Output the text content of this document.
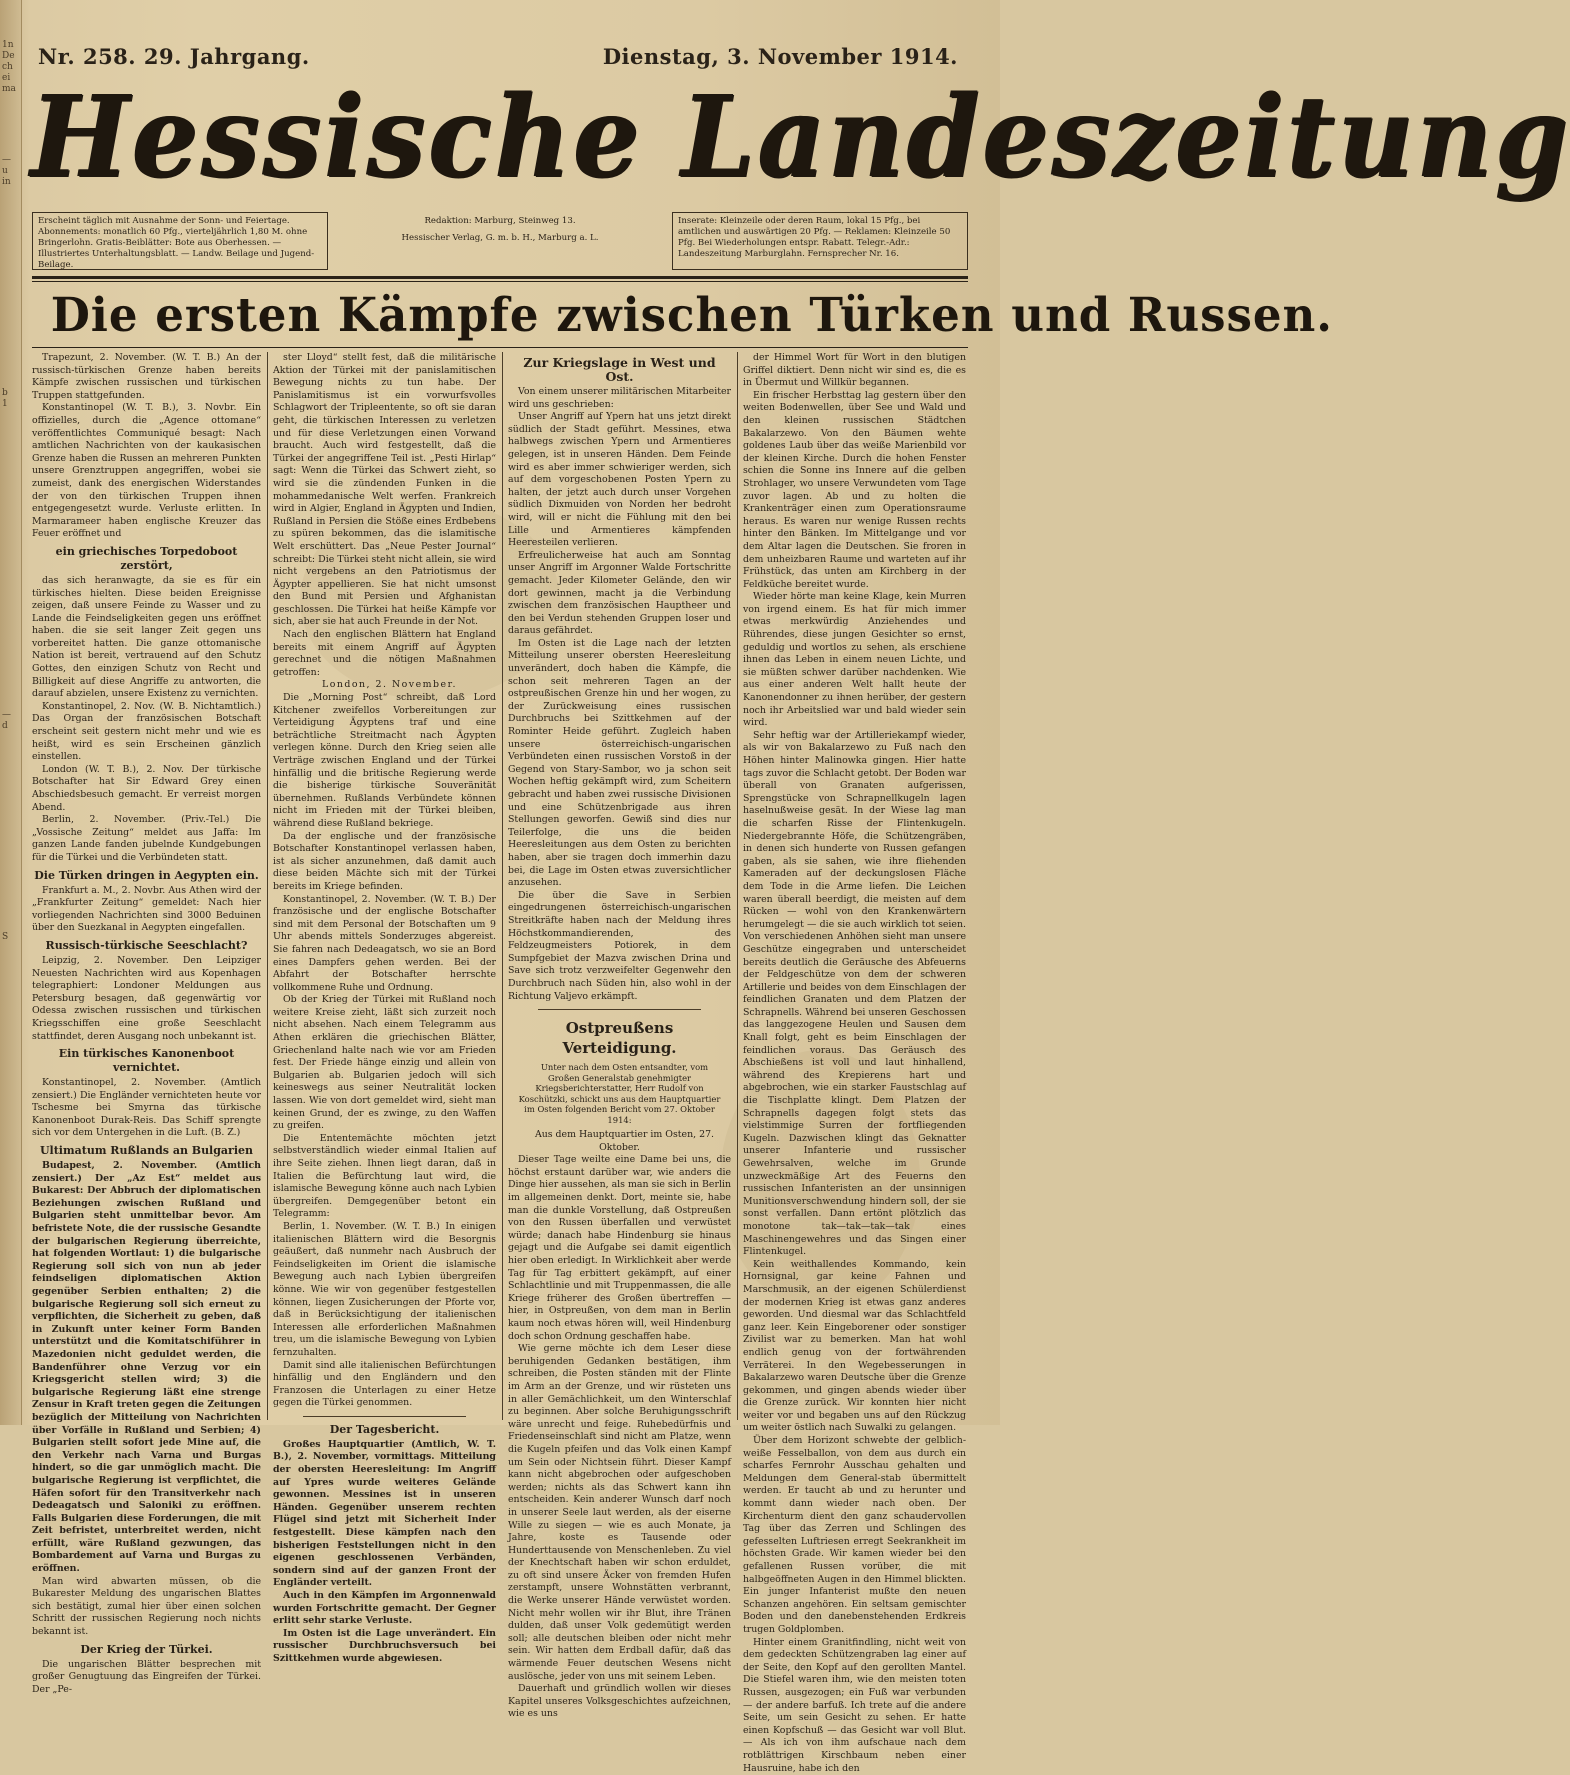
1n
De
ch
ei
ma
—
u
in
b
1
—
d
S
Nr. 258. 29. Jahrgang.	Dienstag, 3. November 1914.
Hessische Landeszeitung
Erscheint täglich mit Ausnahme der Sonn- und Feiertage. Abonnements: monatlich 60 Pfg., vierteljährlich 1,80 M. ohne Bringerlohn. Gratis-Beiblätter: Bote aus Oberhessen. — Illustriertes Unterhaltungsblatt. — Landw. Beilage und Jugend-Beilage.
Redaktion: Marburg, Steinweg 13.
Hessischer Verlag, G. m. b. H., Marburg a. L.
Inserate: Kleinzeile oder deren Raum, lokal 15 Pfg., bei amtlichen und auswärtigen 20 Pfg. — Reklamen: Kleinzeile 50 Pfg. Bei Wiederholungen entspr. Rabatt. Telegr.-Adr.: Landeszeitung Marburglahn. Fernsprecher Nr. 16.
Die ersten Kämpfe zwischen Türken und Russen.

Trapezunt, 2. November. (W. T. B.) An der russisch-türkischen Grenze haben bereits Kämpfe zwischen russischen und türkischen Truppen stattgefunden.

Konstantinopel (W. T. B.), 3. Novbr. Ein offizielles, durch die „Agence ottomane“ veröffentlichtes Communiqué besagt: Nach amtlichen Nachrichten von der kaukasischen Grenze haben die Russen an mehreren Punkten unsere Grenztruppen angegriffen, wobei sie zumeist, dank des energischen Widerstandes der von den türkischen Truppen ihnen entgegengesetzt wurde. Verluste erlitten. In Marmarameer haben englische Kreuzer das Feuer eröffnet und

ein griechisches Torpedoboot zerstört,

das sich heranwagte, da sie es für ein türkisches hielten. Diese beiden Ereignisse zeigen, daß unsere Feinde zu Wasser und zu Lande die Feindseligkeiten gegen uns eröffnet haben. die sie seit langer Zeit gegen uns vorbereitet hatten. Die ganze ottomanische Nation ist bereit, vertrauend auf den Schutz Gottes, den einzigen Schutz von Recht und Billigkeit auf diese Angriffe zu antworten, die darauf abzielen, unsere Existenz zu vernichten.

Konstantinopel, 2. Nov. (W. B. Nichtamtlich.) Das Organ der französischen Botschaft erscheint seit gestern nicht mehr und wie es heißt, wird es sein Erscheinen gänzlich einstellen.

London (W. T. B.), 2. Nov. Der türkische Botschafter hat Sir Edward Grey einen Abschiedsbesuch gemacht. Er verreist morgen Abend.

Berlin, 2. November. (Priv.-Tel.) Die „Vossische Zeitung“ meldet aus Jaffa: Im ganzen Lande fanden jubelnde Kundgebungen für die Türkei und die Verbündeten statt.

Die Türken dringen in Aegypten ein.

Frankfurt a. M., 2. Novbr. Aus Athen wird der „Frankfurter Zeitung“ gemeldet: Nach hier vorliegenden Nachrichten sind 3000 Beduinen über den Suezkanal in Aegypten eingefallen.

Russisch-türkische Seeschlacht?

Leipzig, 2. November. Den Leipziger Neuesten Nachrichten wird aus Kopenhagen telegraphiert: Londoner Meldungen aus Petersburg besagen, daß gegenwärtig vor Odessa zwischen russischen und türkischen Kriegsschiffen eine große Seeschlacht stattfindet, deren Ausgang noch unbekannt ist.

Ein türkisches Kanonenboot vernichtet.

Konstantinopel, 2. November. (Amtlich zensiert.) Die Engländer vernichteten heute vor Tschesme bei Smyrna das türkische Kanonenboot Durak-Reis. Das Schiff sprengte sich vor dem Untergehen in die Luft. (B. Z.)

Ultimatum Rußlands an Bulgarien

Budapest, 2. November. (Amtlich zensiert.) Der „Az Est“ meldet aus Bukarest: Der Abbruch der diplomatischen Beziehungen zwischen Rußland und Bulgarien steht unmittelbar bevor. Am befristete Note, die der russische Gesandte der bulgarischen Regierung überreichte, hat folgenden Wortlaut: 1) die bulgarische Regierung soll sich von nun ab jeder feindseligen diplomatischen Aktion gegenüber Serbien enthalten; 2) die bulgarische Regierung soll sich erneut zu verpflichten, die Sicherheit zu geben, daß in Zukunft unter keiner Form Banden unterstützt und die Komitatschiführer in Mazedonien nicht geduldet werden, die Bandenführer ohne Verzug vor ein Kriegsgericht stellen wird; 3) die bulgarische Regierung läßt eine strenge Zensur in Kraft treten gegen die Zeitungen bezüglich der Mitteilung von Nachrichten über Vorfälle in Rußland und Serbien; 4) Bulgarien stellt sofort jede Mine auf, die den Verkehr nach Varna und Burgas hindert, so die gar unmöglich macht. Die bulgarische Regierung ist verpflichtet, die Häfen sofort für den Transitverkehr nach Dedeagatsch und Saloniki zu eröffnen. Falls Bulgarien diese Forderungen, die mit Zeit befristet, unterbreitet werden, nicht erfüllt, wäre Rußland gezwungen, das Bombardement auf Varna und Burgas zu eröffnen.

Man wird abwarten müssen, ob die Bukarester Meldung des ungarischen Blattes sich bestätigt, zumal hier über einen solchen Schritt der russischen Regierung noch nichts bekannt ist.

Der Krieg der Türkei.

Die ungarischen Blätter besprechen mit großer Genugtuung das Eingreifen der Türkei. Der „Pe-

ster Lloyd“ stellt fest, daß die militärische Aktion der Türkei mit der panislamitischen Bewegung nichts zu tun habe. Der Panislamitismus ist ein vorwurfsvolles Schlagwort der Tripleentente, so oft sie daran geht, die türkischen Interessen zu verletzen und für diese Verletzungen einen Vorwand braucht. Auch wird festgestellt, daß die Türkei der angegriffene Teil ist. „Pesti Hirlap“ sagt: Wenn die Türkei das Schwert zieht, so wird sie die zündenden Funken in die mohammedanische Welt werfen. Frankreich wird in Algier, England in Ägypten und Indien, Rußland in Persien die Stöße eines Erdbebens zu spüren bekommen, das die islamitische Welt erschüttert. Das „Neue Pester Journal“ schreibt: Die Türkei steht nicht allein, sie wird nicht vergebens an den Patriotismus der Ägypter appellieren. Sie hat nicht umsonst den Bund mit Persien und Afghanistan geschlossen. Die Türkei hat heiße Kämpfe vor sich, aber sie hat auch Freunde in der Not.

Nach den englischen Blättern hat England bereits mit einem Angriff auf Ägypten gerechnet und die nötigen Maßnahmen getroffen:

London, 2. November.

Die „Morning Post“ schreibt, daß Lord Kitchener zweifellos Vorbereitungen zur Verteidigung Ägyptens traf und eine beträchtliche Streitmacht nach Ägypten verlegen könne. Durch den Krieg seien alle Verträge zwischen England und der Türkei hinfällig und die britische Regierung werde die bisherige türkische Souveränität übernehmen. Rußlands Verbündete können nicht im Frieden mit der Türkei bleiben, während diese Rußland bekriege.

Da der englische und der französische Botschafter Konstantinopel verlassen haben, ist als sicher anzunehmen, daß damit auch diese beiden Mächte sich mit der Türkei bereits im Kriege befinden.

Konstantinopel, 2. November. (W. T. B.) Der französische und der englische Botschafter sind mit dem Personal der Botschaften um 9 Uhr abends mittels Sonderzuges abgereist. Sie fahren nach Dedeagatsch, wo sie an Bord eines Dampfers gehen werden. Bei der Abfahrt der Botschafter herrschte vollkommene Ruhe und Ordnung.

Ob der Krieg der Türkei mit Rußland noch weitere Kreise zieht, läßt sich zurzeit noch nicht absehen. Nach einem Telegramm aus Athen erklären die griechischen Blätter, Griechenland halte nach wie vor am Frieden fest. Der Friede hänge einzig und allein von Bulgarien ab. Bulgarien jedoch will sich keineswegs aus seiner Neutralität locken lassen. Wie von dort gemeldet wird, sieht man keinen Grund, der es zwinge, zu den Waffen zu greifen.

Die Ententemächte möchten jetzt selbstverständlich wieder einmal Italien auf ihre Seite ziehen. Ihnen liegt daran, daß in Italien die Befürchtung laut wird, die islamische Bewegung könne auch nach Lybien übergreifen. Demgegenüber betont ein Telegramm:

Berlin, 1. November. (W. T. B.) In einigen italienischen Blättern wird die Besorgnis geäußert, daß nunmehr nach Ausbruch der Feindseligkeiten im Orient die islamische Bewegung auch nach Lybien übergreifen könne. Wie wir von gegenüber festgestellen können, liegen Zusicherungen der Pforte vor, daß in Berücksichtigung der italienischen Interessen alle erforderlichen Maßnahmen treu, um die islamische Bewegung von Lybien fernzuhalten.

Damit sind alle italienischen Befürchtungen hinfällig und den Engländern und den Franzosen die Unterlagen zu einer Hetze gegen die Türkei genommen.

Der Tagesbericht.

Großes Hauptquartier (Amtlich, W. T. B.), 2. November, vormittags. Mitteilung der obersten Heeresleitung: Im Angriff auf Ypres wurde weiteres Gelände gewonnen. Messines ist in unseren Händen. Gegenüber unserem rechten Flügel sind jetzt mit Sicherheit Inder festgestellt. Diese kämpfen nach den bisherigen Feststellungen nicht in den eigenen geschlossenen Verbänden, sondern sind auf der ganzen Front der Engländer verteilt.

Auch in den Kämpfen im Argonnenwald wurden Fortschritte gemacht. Der Gegner erlitt sehr starke Verluste.

Im Osten ist die Lage unverändert. Ein russischer Durchbruchsversuch bei Szittkehmen wurde abgewiesen.

Zur Kriegslage in West und Ost.

Von einem unserer militärischen Mitarbeiter wird uns geschrieben:

Unser Angriff auf Ypern hat uns jetzt direkt südlich der Stadt geführt. Messines, etwa halbwegs zwischen Ypern und Armentieres gelegen, ist in unseren Händen. Dem Feinde wird es aber immer schwieriger werden, sich auf dem vorgeschobenen Posten Ypern zu halten, der jetzt auch durch unser Vorgehen südlich Dixmuiden von Norden her bedroht wird, will er nicht die Fühlung mit den bei Lille und Armentieres kämpfenden Heeresteilen verlieren.

Erfreulicherweise hat auch am Sonntag unser Angriff im Argonner Walde Fortschritte gemacht. Jeder Kilometer Gelände, den wir dort gewinnen, macht ja die Verbindung zwischen dem französischen Hauptheer und den bei Verdun stehenden Gruppen loser und daraus gefährdet.

Im Osten ist die Lage nach der letzten Mitteilung unserer obersten Heeresleitung unverändert, doch haben die Kämpfe, die schon seit mehreren Tagen an der ostpreußischen Grenze hin und her wogen, zu der Zurückweisung eines russischen Durchbruchs bei Szittkehmen auf der Rominter Heide geführt. Zugleich haben unsere österreichisch-ungarischen Verbündeten einen russischen Vorstoß in der Gegend von Stary-Sambor, wo ja schon seit Wochen heftig gekämpft wird, zum Scheitern gebracht und haben zwei russische Divisionen und eine Schützenbrigade aus ihren Stellungen geworfen. Gewiß sind dies nur Teilerfolge, die uns die beiden Heeresleitungen aus dem Osten zu berichten haben, aber sie tragen doch immerhin dazu bei, die Lage im Osten etwas zuversichtlicher anzusehen.

Die über die Save in Serbien eingedrungenen österreichisch-ungarischen Streitkräfte haben nach der Meldung ihres Höchstkommandierenden, des Feldzeugmeisters Potiorek, in dem Sumpfgebiet der Mazva zwischen Drina und Save sich trotz verzweifelter Gegenwehr den Durchbruch nach Süden hin, also wohl in der Richtung Valjevo erkämpft.

Ostpreußens Verteidigung.

Unter nach dem Osten entsandter, vom Großen Generalstab genehmigter Kriegsberichterstatter, Herr Rudolf von Koschützki, schickt uns aus dem Hauptquartier im Osten folgenden Bericht vom 27. Oktober 1914:

Aus dem Hauptquartier im Osten, 27. Oktober.

Dieser Tage weilte eine Dame bei uns, die höchst erstaunt darüber war, wie anders die Dinge hier aussehen, als man sie sich in Berlin im allgemeinen denkt. Dort, meinte sie, habe man die dunkle Vorstellung, daß Ostpreußen von den Russen überfallen und verwüstet würde; danach habe Hindenburg sie hinaus gejagt und die Aufgabe sei damit eigentlich hier oben erledigt. In Wirklichkeit aber werde Tag für Tag erbittert gekämpft, auf einer Schlachtlinie und mit Truppenmassen, die alle Kriege früherer des Großen übertreffen — hier, in Ostpreußen, von dem man in Berlin kaum noch etwas hören will, weil Hindenburg doch schon Ordnung geschaffen habe.

Wie gerne möchte ich dem Leser diese beruhigenden Gedanken bestätigen, ihm schreiben, die Posten ständen mit der Flinte im Arm an der Grenze, und wir rüsteten uns in aller Gemächlichkeit, um den Winterschlaf zu beginnen. Aber solche Beruhigungsschrift wäre unrecht und feige. Ruhebedürfnis und Friedenseinschlaft sind nicht am Platze, wenn die Kugeln pfeifen und das Volk einen Kampf um Sein oder Nichtsein führt. Dieser Kampf kann nicht abgebrochen oder aufgeschoben werden; nichts als das Schwert kann ihn entscheiden. Kein anderer Wunsch darf noch in unserer Seele laut werden, als der eiserne Wille zu siegen — wie es auch Monate, ja Jahre, koste es Tausende oder Hunderttausende von Menschenleben. Zu viel der Knechtschaft haben wir schon erduldet, zu oft sind unsere Äcker von fremden Hufen zerstampft, unsere Wohnstätten verbrannt, die Werke unserer Hände verwüstet worden. Nicht mehr wollen wir ihr Blut, ihre Tränen dulden, daß unser Volk gedemütigt werden soll; alle deutschen bleiben oder nicht mehr sein. Wir hatten dem Erdball dafür, daß das wärmende Feuer deutschen Wesens nicht auslösche, jeder von uns mit seinem Leben.

Dauerhaft und gründlich wollen wir dieses Kapitel unseres Volksgeschichtes aufzeichnen, wie es uns

der Himmel Wort für Wort in den blutigen Griffel diktiert. Denn nicht wir sind es, die es in Übermut und Willkür begannen.

Ein frischer Herbsttag lag gestern über den weiten Bodenwellen, über See und Wald und den kleinen russischen Städtchen Bakalarzewo. Von den Bäumen wehte goldenes Laub über das weiße Marienbild vor der kleinen Kirche. Durch die hohen Fenster schien die Sonne ins Innere auf die gelben Strohlager, wo unsere Verwundeten vom Tage zuvor lagen. Ab und zu holten die Krankenträger einen zum Operationsraume heraus. Es waren nur wenige Russen rechts hinter den Bänken. Im Mittelgange und vor dem Altar lagen die Deutschen. Sie froren in dem unheizbaren Raume und warteten auf ihr Frühstück, das unten am Kirchberg in der Feldküche bereitet wurde.

Wieder hörte man keine Klage, kein Murren von irgend einem. Es hat für mich immer etwas merkwürdig Anziehendes und Rührendes, diese jungen Gesichter so ernst, geduldig und wortlos zu sehen, als erschiene ihnen das Leben in einem neuen Lichte, und sie müßten schwer darüber nachdenken. Wie aus einer anderen Welt hallt heute der Kanonendonner zu ihnen herüber, der gestern noch ihr Arbeitslied war und bald wieder sein wird.

Sehr heftig war der Artilleriekampf wieder, als wir von Bakalarzewo zu Fuß nach den Höhen hinter Malinowka gingen. Hier hatte tags zuvor die Schlacht getobt. Der Boden war überall von Granaten aufgerissen, Sprengstücke von Schrapnellkugeln lagen haselnußweise gesät. In der Wiese lag man die scharfen Risse der Flintenkugeln. Niedergebrannte Höfe, die Schützengräben, in denen sich hunderte von Russen gefangen gaben, als sie sahen, wie ihre fliehenden Kameraden auf der deckungslosen Fläche dem Tode in die Arme liefen. Die Leichen waren überall beerdigt, die meisten auf dem Rücken — wohl von den Krankenwärtern herumgelegt — die sie auch wirklich tot seien. Von verschiedenen Anhöhen sieht man unsere Geschütze eingegraben und unterscheidet bereits deutlich die Geräusche des Abfeuerns der Feldgeschütze von dem der schweren Artillerie und beides von dem Einschlagen der feindlichen Granaten und dem Platzen der Schrapnells. Während bei unseren Geschossen das langgezogene Heulen und Sausen dem Knall folgt, geht es beim Einschlagen der feindlichen voraus. Das Geräusch des Abschießens ist voll und laut hinhallend, während des Krepierens hart und abgebrochen, wie ein starker Faustschlag auf die Tischplatte klingt. Dem Platzen der Schrapnells dagegen folgt stets das vielstimmige Surren der fortfliegenden Kugeln. Dazwischen klingt das Geknatter unserer Infanterie und russischer Gewehrsalven, welche im Grunde unzweckmäßige Art des Feuerns den russischen Infanteristen an der unsinnigen Munitionsverschwendung hindern soll, der sie sonst verfallen. Dann ertönt plötzlich das monotone tak—tak—tak—tak eines Maschinengewehres und das Singen einer Flintenkugel.

Kein weithallendes Kommando, kein Hornsignal, gar keine Fahnen und Marschmusik, an der eigenen Schülerdienst der modernen Krieg ist etwas ganz anderes geworden. Und diesmal war das Schlachtfeld ganz leer. Kein Eingeborener oder sonstiger Zivilist war zu bemerken. Man hat wohl endlich genug von der fortwährenden Verräterei. In den Wegebesserungen in Bakalarzewo waren Deutsche über die Grenze gekommen, und gingen abends wieder über die Grenze zurück. Wir konnten hier nicht weiter vor und begaben uns auf den Rückzug um weiter östlich nach Suwalki zu gelangen.

Über dem Horizont schwebte der gelblich-weiße Fesselballon, von dem aus durch ein scharfes Fernrohr Ausschau gehalten und Meldungen dem General-stab übermittelt werden. Er taucht ab und zu herunter und kommt dann wieder nach oben. Der Kirchenturm dient den ganz schaudervollen Tag über das Zerren und Schlingen des gefesselten Luftriesen erregt Seekrankheit im höchsten Grade. Wir kamen wieder bei den gefallenen Russen vorüber, die mit halbgeöffneten Augen in den Himmel blickten. Ein junger Infanterist mußte den neuen Schanzen angehören. Ein seltsam gemischter Boden und den danebenstehenden Erdkreis trugen Goldplomben.

Hinter einem Granitfindling, nicht weit von dem gedeckten Schützengraben lag einer auf der Seite, den Kopf auf den gerollten Mantel. Die Stiefel waren ihm, wie den meisten toten Russen, ausgezogen; ein Fuß war verbunden — der andere barfuß. Ich trete auf die andere Seite, um sein Gesicht zu sehen. Er hatte einen Kopfschuß — das Gesicht war voll Blut. — Als ich von ihm aufschaue nach dem rotblättrigen Kirschbaum neben einer Hausruine, habe ich den
